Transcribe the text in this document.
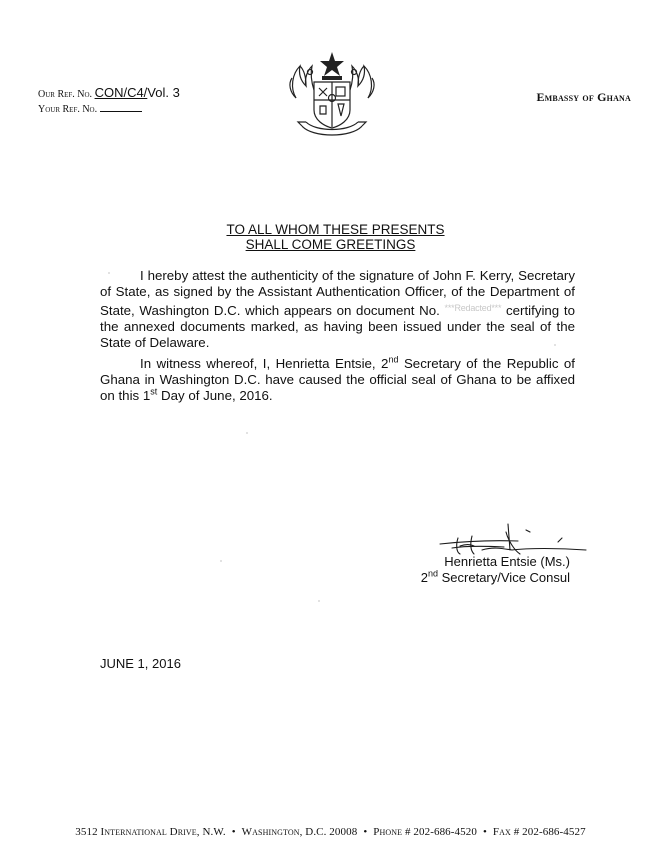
Our Ref. No. CON/C4/Vol. 3
Your Ref. No.
Embassy of Ghana
TO ALL WHOM THESE PRESENTS
SHALL COME GREETINGS
I hereby attest the authenticity of the signature of John F. Kerry, Secretary of State, as signed by the Assistant Authentication Officer, of the Department of State, Washington D.C. which appears on document No. $^{***Redacted***}$ certifying to the annexed documents marked, as having been issued under the seal of the State of Delaware.
In witness whereof, I, Henrietta Entsie, 2nd Secretary of the Republic of Ghana in Washington D.C. have caused the official seal of Ghana to be affixed on this 1st Day of June, 2016.
Henrietta Entsie (Ms.)
2nd Secretary/Vice Consul
JUNE 1, 2016
3512 International Drive, N.W. • Washington, D.C. 20008 • Phone # 202-686-4520 • Fax # 202-686-4527
